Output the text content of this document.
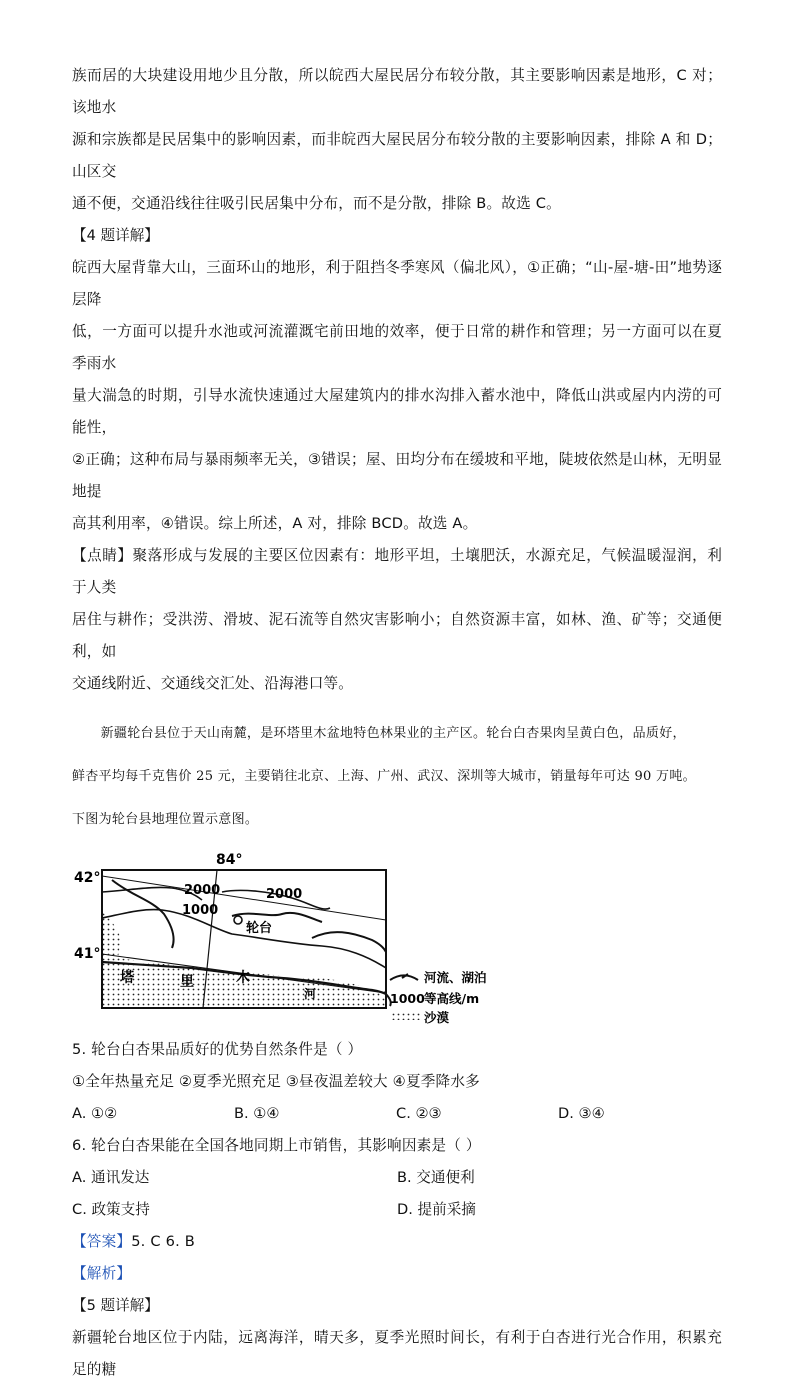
族而居的大块建设用地少且分散，所以皖西大屋民居分布较分散，其主要影响因素是地形，C 对；该地水

源和宗族都是民居集中的影响因素，而非皖西大屋民居分布较分散的主要影响因素，排除 A 和 D；山区交

通不便，交通沿线往往吸引民居集中分布，而不是分散，排除 B。故选 C。

【4 题详解】

皖西大屋背靠大山，三面环山的地形，利于阻挡冬季寒风（偏北风），①正确；“山-屋-塘-田”地势逐层降

低，一方面可以提升水池或河流灌溉宅前田地的效率，便于日常的耕作和管理；另一方面可以在夏季雨水

量大湍急的时期，引导水流快速通过大屋建筑内的排水沟排入蓄水池中，降低山洪或屋内内涝的可能性，

②正确；这种布局与暴雨频率无关，③错误；屋、田均分布在缓坡和平地，陡坡依然是山林，无明显地提

高其利用率，④错误。综上所述，A 对，排除 BCD。故选 A。

【点睛】聚落形成与发展的主要区位因素有：地形平坦，土壤肥沃，水源充足，气候温暖湿润，利于人类

居住与耕作；受洪涝、滑坡、泥石流等自然灾害影响小；自然资源丰富，如林、渔、矿等；交通便利，如

交通线附近、交通线交汇处、沿海港口等。

新疆轮台县位于天山南麓，是环塔里木盆地特色林果业的主产区。轮台白杏果肉呈黄白色，品质好，

鲜杏平均每千克售价 25 元，主要销往北京、上海、广州、武汉、深圳等大城市，销量每年可达 90 万吨。

下图为轮台县地理位置示意图。

84°
42°
41°
2000	2000
1000
轮台
塔	里	木
河
河流、湖泊
1000 等高线/m
沙漠

5. 轮台白杏果品质好的优势自然条件是（ ）

①全年热量充足 ②夏季光照充足 ③昼夜温差较大 ④夏季降水多

A. ①②	B. ①④	C. ②③	D. ③④

6. 轮台白杏果能在全国各地同期上市销售，其影响因素是（ ）

A. 通讯发达	B. 交通便利
C. 政策支持	D. 提前采摘

【答案】5. C 6. B

【解析】

【5 题详解】

新疆轮台地区位于内陆，远离海洋，晴天多，夏季光照时间长，有利于白杏进行光合作用，积累充足的糖
